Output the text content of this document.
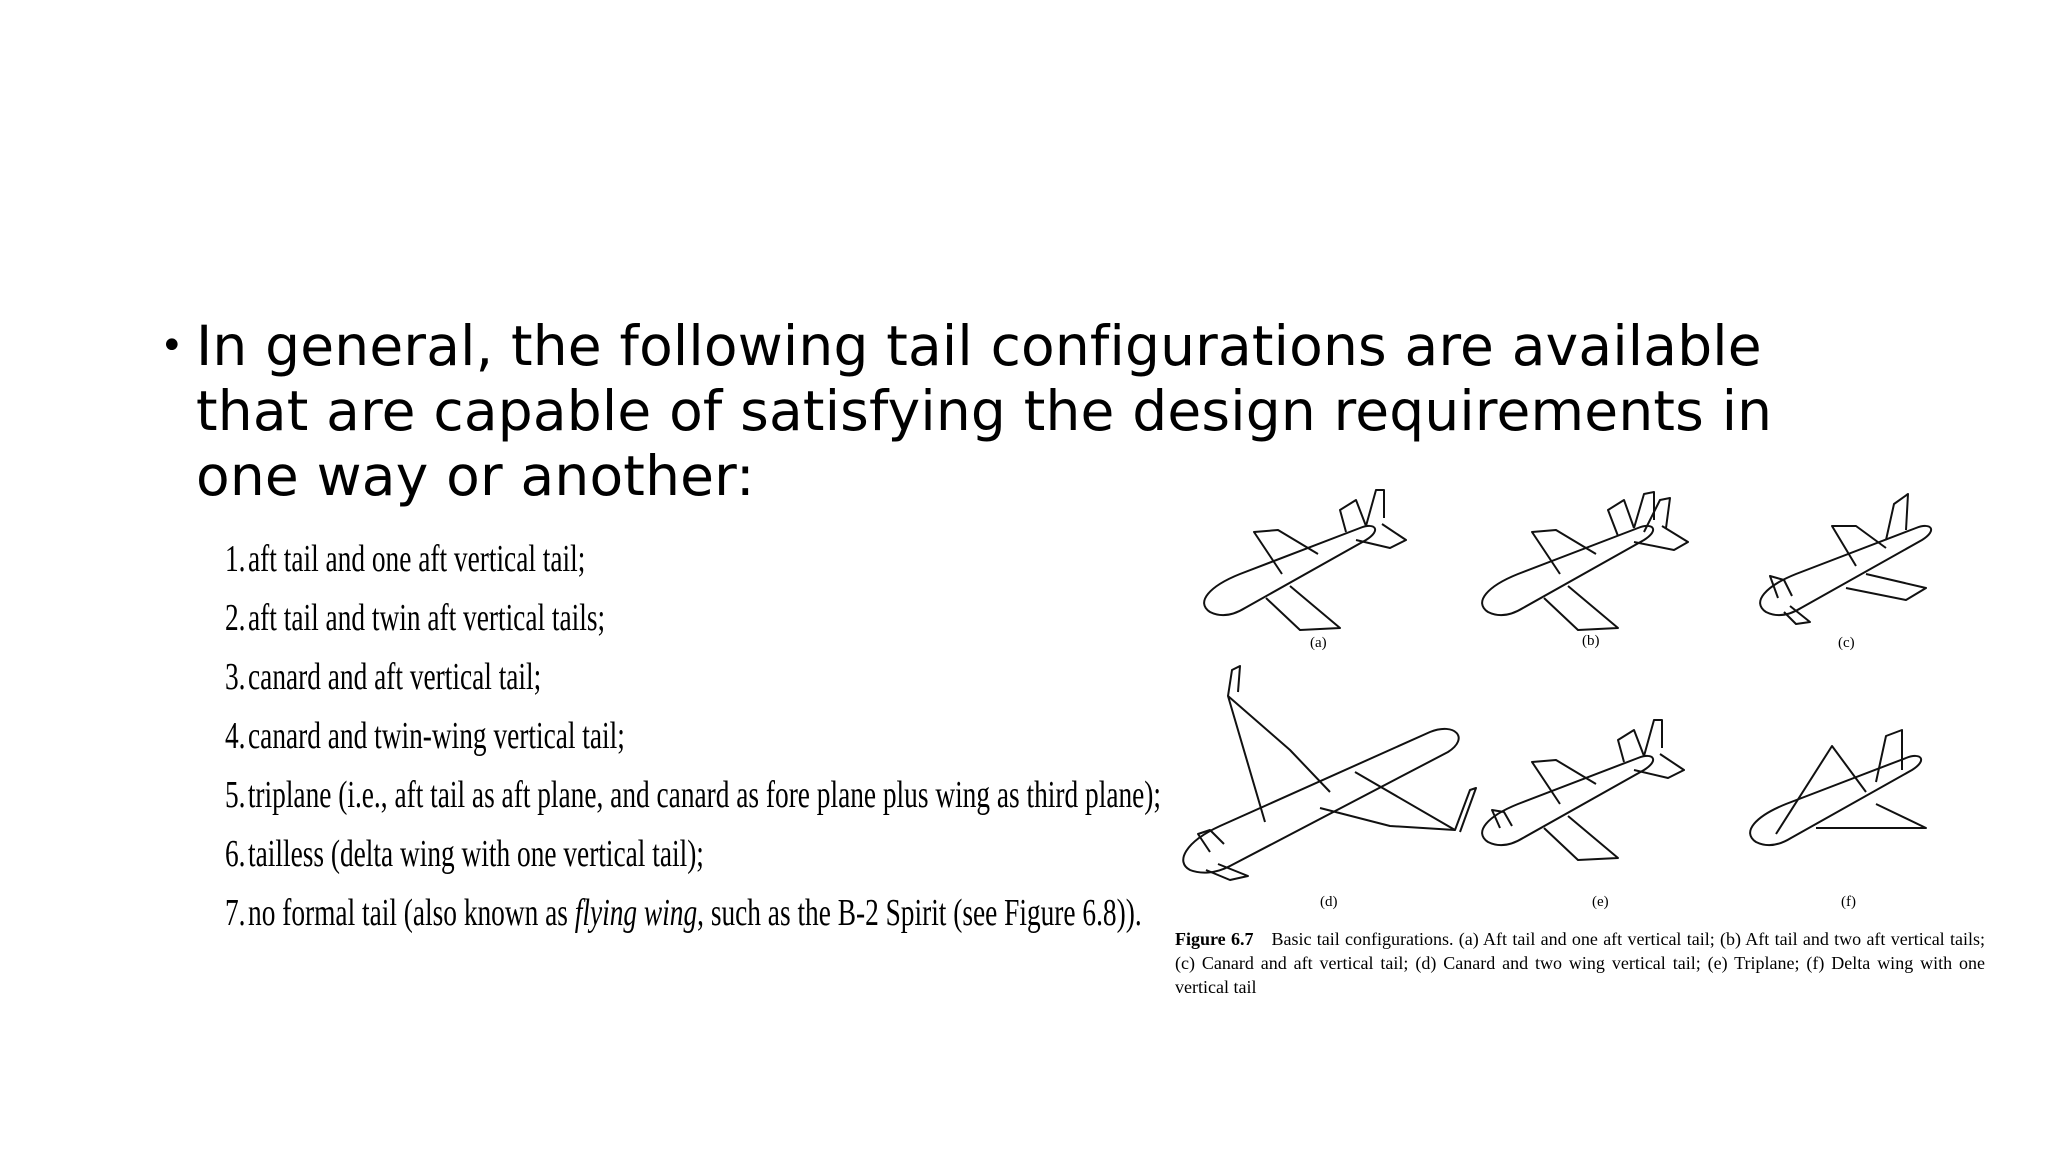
• In general, the following tail configurations are available that are capable of satisfying the design requirements in one way or another:
1. aft tail and one aft vertical tail;
2. aft tail and twin aft vertical tails;
3. canard and aft vertical tail;
4. canard and twin-wing vertical tail;
5. triplane (i.e., aft tail as aft plane, and canard as fore plane plus wing as third plane);
6. tailless (delta wing with one vertical tail);
7. no formal tail (also known as flying wing, such as the B-2 Spirit (see Figure 6.8)).
(a)	(b)	(c)
(d)	(e)	(f)
Figure 6.7 Basic tail configurations. (a) Aft tail and one aft vertical tail; (b) Aft tail and two aft vertical tails; (c) Canard and aft vertical tail; (d) Canard and two wing vertical tail; (e) Triplane; (f) Delta wing with one vertical tail
